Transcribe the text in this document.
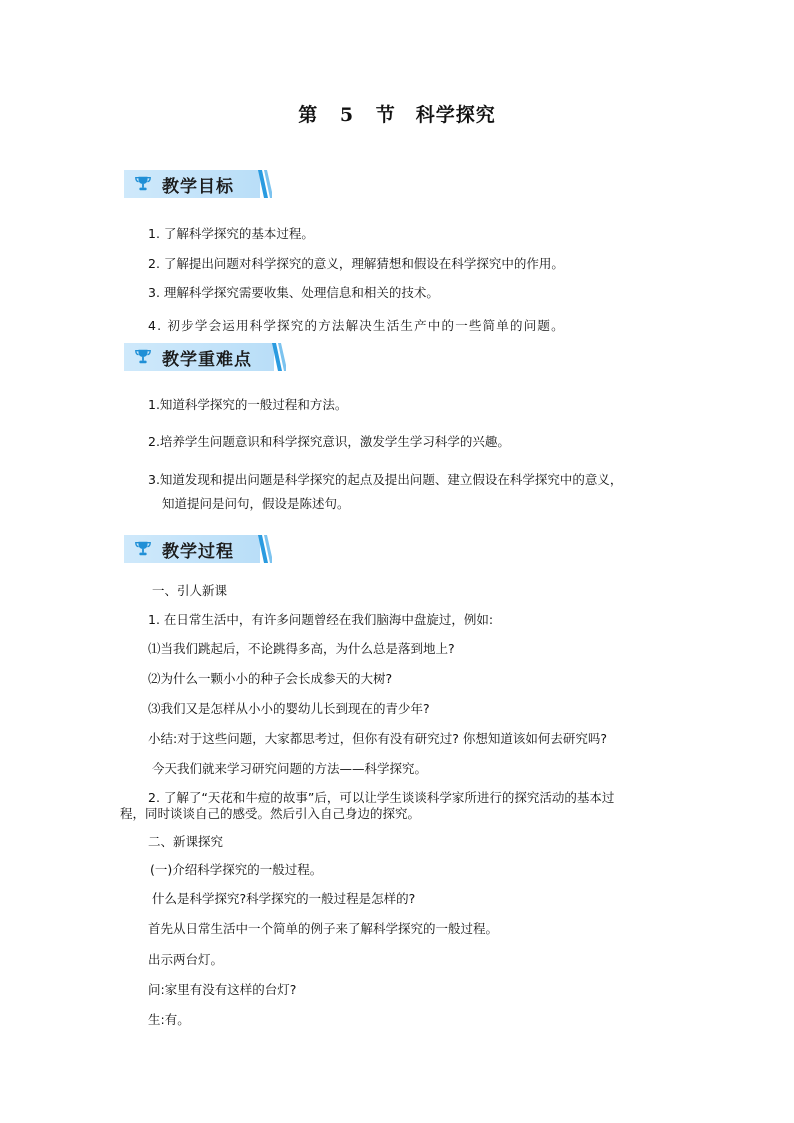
第 5 节　科学探究
教学目标
1. 了解科学探究的基本过程。
2. 了解提出问题对科学探究的意义，理解猜想和假设在科学探究中的作用。
3. 理解科学探究需要收集、处理信息和相关的技术。
4. 初步学会运用科学探究的方法解决生活生产中的一些简单的问题。
教学重难点
1.知道科学探究的一般过程和方法。
2.培养学生问题意识和科学探究意识，激发学生学习科学的兴趣。
3.知道发现和提出问题是科学探究的起点及提出问题、建立假设在科学探究中的意义，
知道提问是问句，假设是陈述句。
教学过程
一、引人新课
1. 在日常生活中，有许多问题曾经在我们脑海中盘旋过，例如:
⑴当我们跳起后，不论跳得多高，为什么总是落到地上?
⑵为什么一颗小小的种子会长成参天的大树?
⑶我们又是怎样从小小的婴幼儿长到现在的青少年?
小结:对于这些问题，大家都思考过，但你有没有研究过? 你想知道该如何去研究吗?
今天我们就来学习研究问题的方法——科学探究。
2. 了解了“天花和牛痘的故事”后，可以让学生谈谈科学家所进行的探究活动的基本过
程，同时谈谈自己的感受。然后引入自己身边的探究。
二、新课探究
(一)介绍科学探究的一般过程。
什么是科学探究?科学探究的一般过程是怎样的?
首先从日常生活中一个简单的例子来了解科学探究的一般过程。
出示两台灯。
问:家里有没有这样的台灯?
生:有。
